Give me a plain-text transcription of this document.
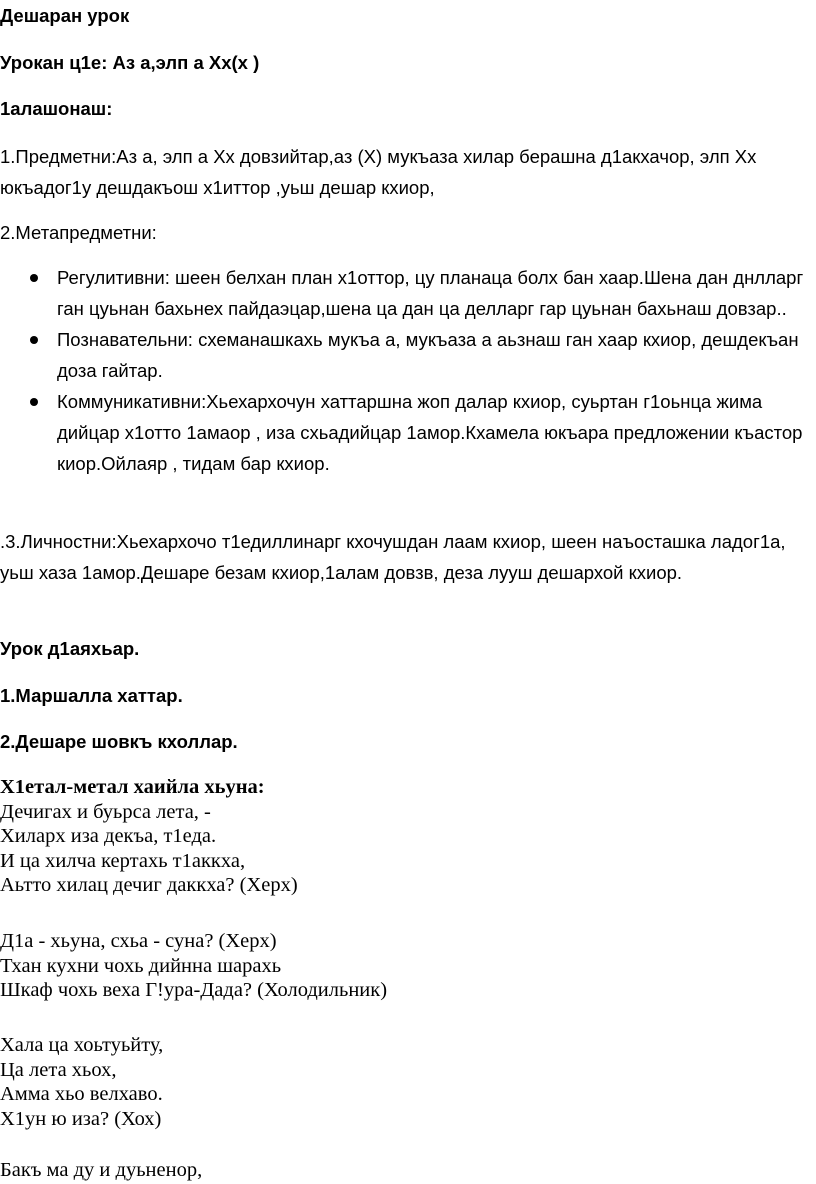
Дешаран урок

Урокан ц1е: Аз а,элп а Хх(х )

1алашонаш:

1.Предметни:Аз а, элп а Хх довзийтар,аз (Х) мукъаза хилар берашна д1акхачор, элп Хх юкъадог1у дешдакъош х1иттор ,уьш дешар кхиор,

2.Метапредметни:

Регулитивни: шеен белхан план х1оттор, цу планаца болх бан хаар.Шена дан днлларг ган цуьнан бахьнех пайдаэцар,шена ца дан ца делларг гар цуьнан бахьнаш довзар..
Познавательни: схеманашкахь мукъа а, мукъаза а аьзнаш ган хаар кхиор, дешдекъан доза гайтар.
Коммуникативни:Хьехархочун хаттаршна жоп далар кхиор, суьртан г1оьнца жима дийцар х1отто 1амаор , иза схьадийцар 1амор.Кхамела юкъара предложении къастор киор.Ойлаяр , тидам бар кхиор.

.3.Личностни:Хьехархочо т1едиллинарг кхочушдан лаам кхиор, шеен наъосташка ладог1а, уьш хаза 1амор.Дешаре безам кхиор,1алам довзв, деза лууш дешархой кхиор.

Урок д1аяхьар.

1.Маршалла хаттар.

2.Дешаре шовкъ кхоллар.

Х1етал-метал хаийла хьуна:

Дечигах и буьрса лета, -

Хиларх иза декъа, т1еда.

И ца хилча кертахь т1аккха,

Аьтто хилац дечиг даккха? (Херх)

Д1а - хьуна, схьа - суна? (Херх)

Тхан кухни чохь дийнна шарахь

Шкаф чохь веха Г!ура-Дада? (Холодильник)

Хала ца хоьтуьйту,

Ца лета хьох,

Амма хьо велхаво.

Х1ун ю иза? (Хох)

Бакъ ма ду и дуьненор,
